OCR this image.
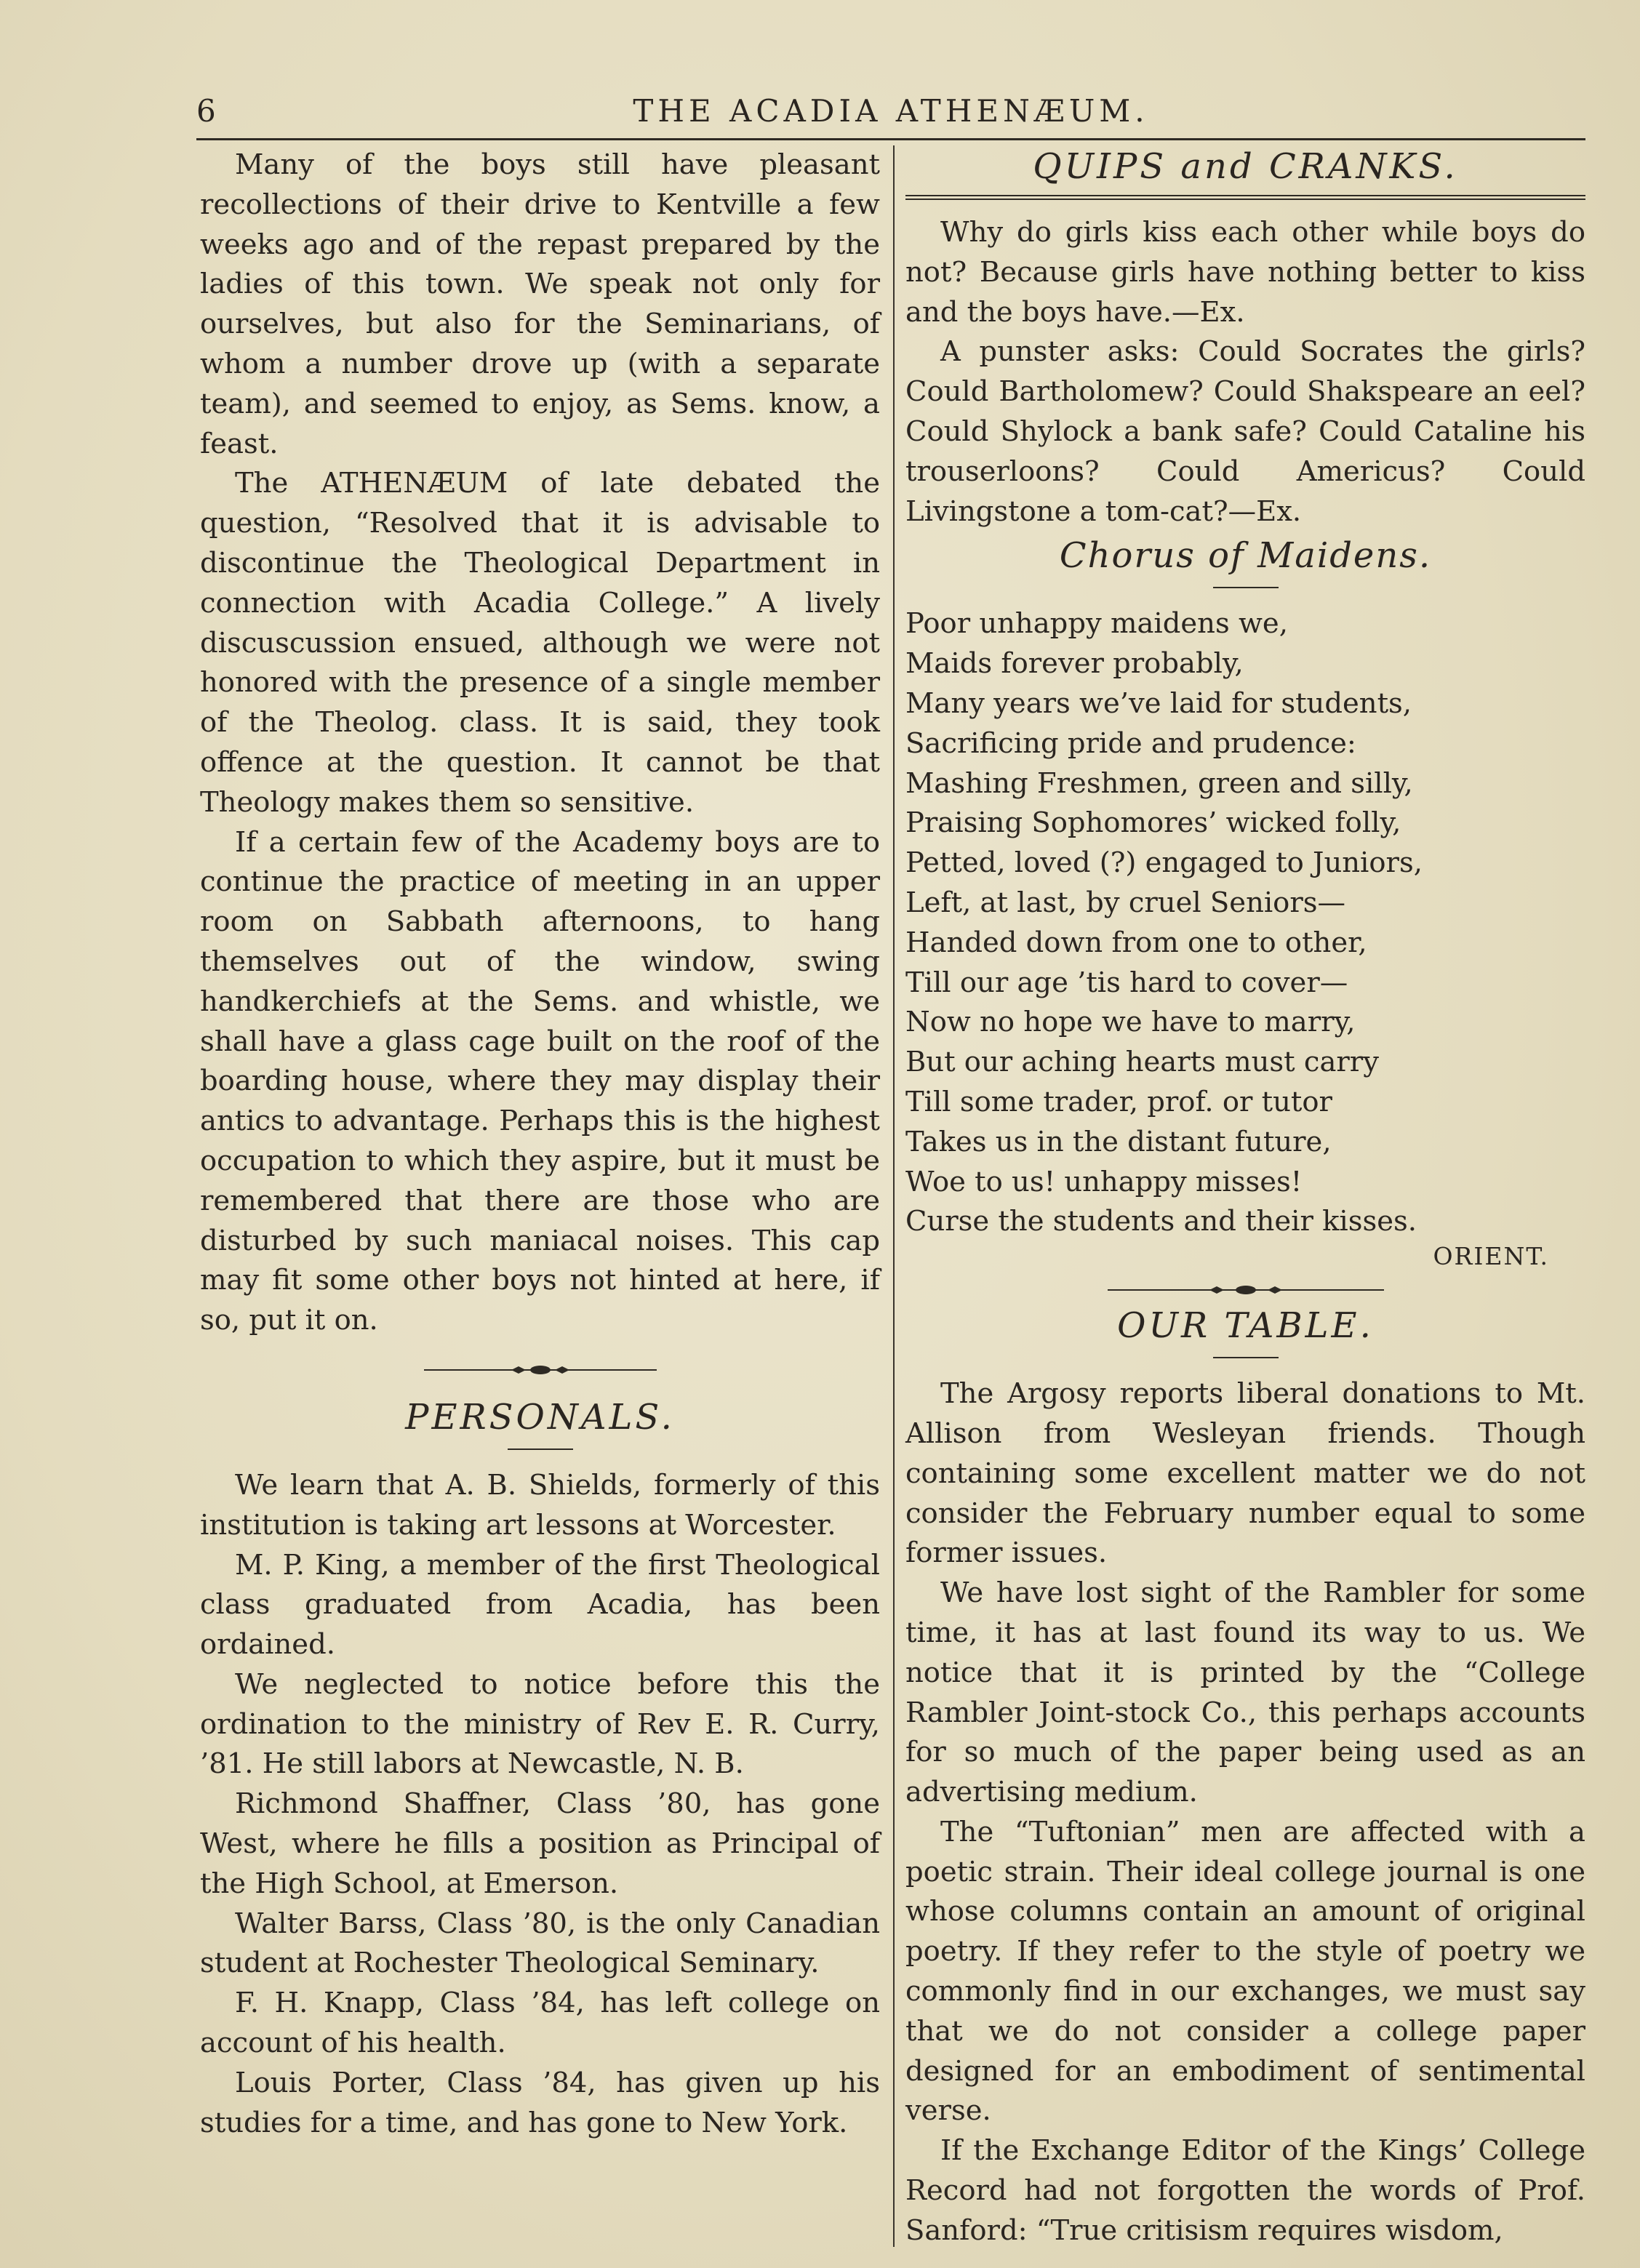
6	THE ACADIA ATHENÆUM.

Many of the boys still have pleasant recollections of their drive to Kentville a few weeks ago and of the repast prepared by the ladies of this town. We speak not only for ourselves, but also for the Seminarians, of whom a number drove up (with a separate team), and seemed to enjoy, as Sems. know, a feast.

The ATHENÆUM of late debated the question, “Resolved that it is advisable to discontinue the Theological Department in connection with Acadia College.” A lively discuscussion ensued, although we were not honored with the presence of a single member of the Theolog. class. It is said, they took offence at the question. It cannot be that Theology makes them so sensitive.

If a certain few of the Academy boys are to continue the practice of meeting in an upper room on Sabbath afternoons, to hang themselves out of the window, swing handkerchiefs at the Sems. and whistle, we shall have a glass cage built on the roof of the boarding house, where they may display their antics to advantage. Perhaps this is the highest occupation to which they aspire, but it must be remembered that there are those who are disturbed by such maniacal noises. This cap may fit some other boys not hinted at here, if so, put it on.

PERSONALS.

We learn that A. B. Shields, formerly of this institution is taking art lessons at Worcester.

M. P. King, a member of the first Theological class graduated from Acadia, has been ordained.

We neglected to notice before this the ordination to the ministry of Rev E. R. Curry, ’81. He still labors at Newcastle, N. B.

Richmond Shaffner, Class ’80, has gone West, where he fills a position as Principal of the High School, at Emerson.

Walter Barss, Class ’80, is the only Canadian student at Rochester Theological Seminary.

F. H. Knapp, Class ’84, has left college on account of his health.

Louis Porter, Class ’84, has given up his studies for a time, and has gone to New York.

QUIPS and CRANKS.

Why do girls kiss each other while boys do not? Because girls have nothing better to kiss and the boys have.—Ex.

A punster asks: Could Socrates the girls? Could Bartholomew? Could Shakspeare an eel? Could Shylock a bank safe? Could Cataline his trouserloons? Could Americus? Could Livingstone a tom-cat?—Ex.

Chorus of Maidens.

Poor unhappy maidens we,
Maids forever probably,
Many years we’ve laid for students,
Sacrificing pride and prudence:
Mashing Freshmen, green and silly,
Praising Sophomores’ wicked folly,
Petted, loved (?) engaged to Juniors,
Left, at last, by cruel Seniors—
Handed down from one to other,
Till our age ’tis hard to cover—
Now no hope we have to marry,
But our aching hearts must carry
Till some trader, prof. or tutor
Takes us in the distant future,
Woe to us! unhappy misses!
Curse the students and their kisses.

ORIENT.

OUR TABLE.

The Argosy reports liberal donations to Mt. Allison from Wesleyan friends. Though containing some excellent matter we do not consider the February number equal to some former issues.

We have lost sight of the Rambler for some time, it has at last found its way to us. We notice that it is printed by the “College Rambler Joint-stock Co., this perhaps accounts for so much of the paper being used as an advertising medium.

The “Tuftonian” men are affected with a poetic strain. Their ideal college journal is one whose columns contain an amount of original poetry. If they refer to the style of poetry we commonly find in our exchanges, we must say that we do not consider a college paper designed for an embodiment of sentimental verse.

If the Exchange Editor of the Kings’ College Record had not forgotten the words of Prof. Sanford: “True critisism requires wisdom,
